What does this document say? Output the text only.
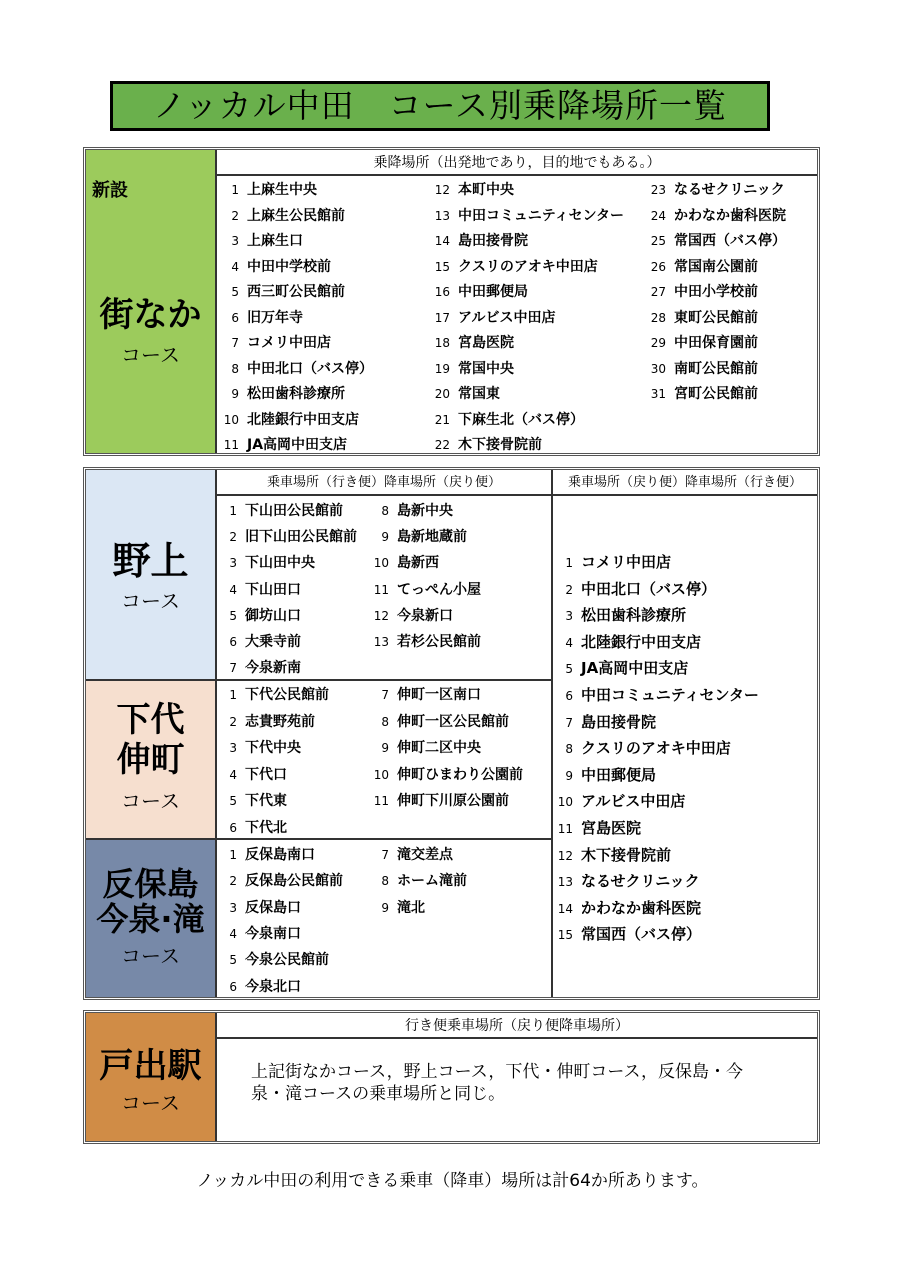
ノッカル中田　コース別乗降場所一覧
新設
街なか
コース
乗降場所（出発地であり，目的地でもある。）
1 上麻生中央
2 上麻生公民館前
3 上麻生口
4 中田中学校前
5 西三町公民館前
6 旧万年寺
7 コメリ中田店
8 中田北口（バス停）
9 松田歯科診療所
10 北陸銀行中田支店
11 JA高岡中田支店
12 本町中央
13 中田コミュニティセンター
14 島田接骨院
15 クスリのアオキ中田店
16 中田郵便局
17 アルビス中田店
18 宮島医院
19 常国中央
20 常国東
21 下麻生北（バス停）
22 木下接骨院前
23 なるせクリニック
24 かわなか歯科医院
25 常国西（バス停）
26 常国南公園前
27 中田小学校前
28 東町公民館前
29 中田保育園前
30 南町公民館前
31 宮町公民館前
野上
コース
下代
伸町
コース
反保島
今泉·滝
コース
乗車場所（行き便）降車場所（戻り便）	乗車場所（戻り便）降車場所（行き便）
1 下山田公民館前
2 旧下山田公民館前
3 下山田中央
4 下山田口
5 御坊山口
6 大乗寺前
7 今泉新南
8 島新中央
9 島新地蔵前
10 島新西
11 てっぺん小屋
12 今泉新口
13 若杉公民館前
1 下代公民館前
2 志貴野苑前
3 下代中央
4 下代口
5 下代東
6 下代北
7 伸町一区南口
8 伸町一区公民館前
9 伸町二区中央
10 伸町ひまわり公園前
11 伸町下川原公園前
1 反保島南口
2 反保島公民館前
3 反保島口
4 今泉南口
5 今泉公民館前
6 今泉北口
7 滝交差点
8 ホーム滝前
9 滝北
1 コメリ中田店
2 中田北口（バス停）
3 松田歯科診療所
4 北陸銀行中田支店
5 JA高岡中田支店
6 中田コミュニティセンター
7 島田接骨院
8 クスリのアオキ中田店
9 中田郵便局
10 アルビス中田店
11 宮島医院
12 木下接骨院前
13 なるせクリニック
14 かわなか歯科医院
15 常国西（バス停）
戸出駅
コース
行き便乗車場所（戻り便降車場所）
上記街なかコース，野上コース，下代・伸町コース，反保島・今
泉・滝コースの乗車場所と同じ。
ノッカル中田の利用できる乗車（降車）場所は計64か所あります。
